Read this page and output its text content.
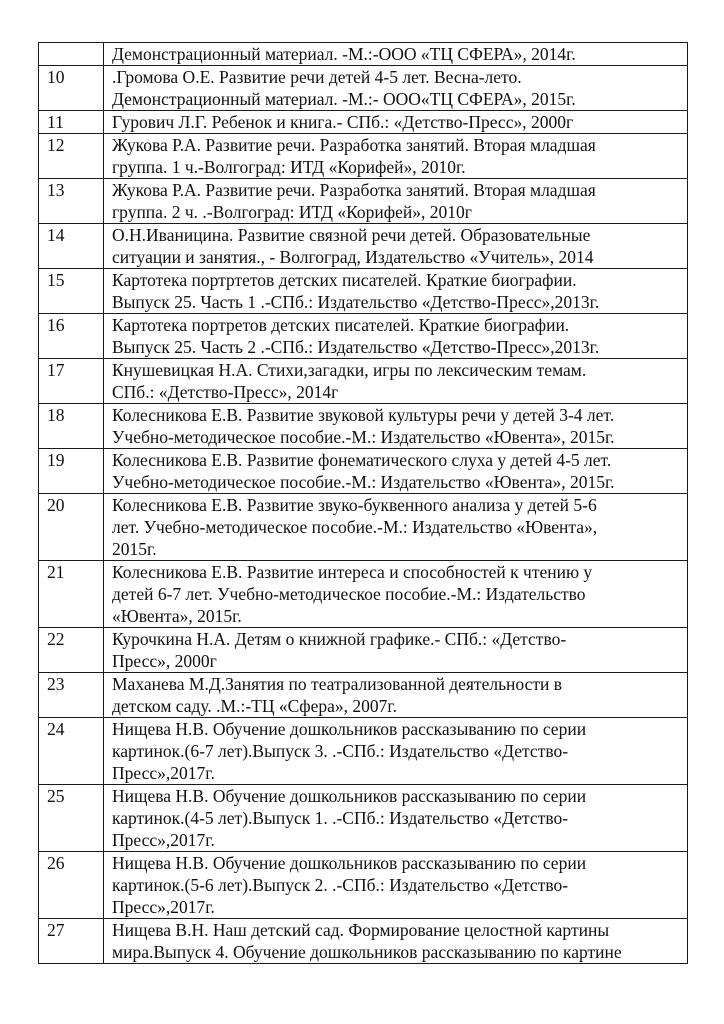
	Демонстрационный материал. -М.:-ООО «ТЦ СФЕРА», 2014г.

10	.Громова О.Е. Развитие речи детей 4-5 лет. Весна-лето.
Демонстрационный материал. -М.:- ООО«ТЦ СФЕРА», 2015г.

11	Гурович Л.Г. Ребенок и книга.- СПб.: «Детство-Пресс», 2000г

12	Жукова Р.А. Развитие речи. Разработка занятий. Вторая младшая
группа. 1 ч.-Волгоград: ИТД «Корифей», 2010г.

13	Жукова Р.А. Развитие речи. Разработка занятий. Вторая младшая
группа. 2 ч. .-Волгоград: ИТД «Корифей», 2010г

14	О.Н.Иваницина. Развитие связной речи детей. Образовательные
ситуации и занятия., - Волгоград, Издательство «Учитель», 2014

15	Картотека портртетов детских писателей. Краткие биографии.
Выпуск 25. Часть 1 .-СПб.: Издательство «Детство-Пресс»,2013г.

16	Картотека портретов детских писателей. Краткие биографии.
Выпуск 25. Часть 2 .-СПб.: Издательство «Детство-Пресс»,2013г.

17	Кнушевицкая Н.А. Стихи,загадки, игры по лексическим темам.
СПб.: «Детство-Пресс», 2014г

18	Колесникова Е.В. Развитие звуковой культуры речи у детей 3-4 лет.
Учебно-методическое пособие.-М.: Издательство «Ювента», 2015г.

19	Колесникова Е.В. Развитие фонематического слуха у детей 4-5 лет.
Учебно-методическое пособие.-М.: Издательство «Ювента», 2015г.

20	Колесникова Е.В. Развитие звуко-буквенного анализа у детей 5-6
лет. Учебно-методическое пособие.-М.: Издательство «Ювента»,
2015г.

21	Колесникова Е.В. Развитие интереса и способностей к чтению у
детей 6-7 лет. Учебно-методическое пособие.-М.: Издательство
«Ювента», 2015г.

22	Курочкина Н.А. Детям о книжной графике.- СПб.: «Детство-
Пресс», 2000г

23	Маханева М.Д.Занятия по театрализованной деятельности в
детском саду. .М.:-ТЦ «Сфера», 2007г.

24	Нищева Н.В. Обучение дошкольников рассказыванию по серии
картинок.(6-7 лет).Выпуск 3. .-СПб.: Издательство «Детство-
Пресс»,2017г.

25	Нищева Н.В. Обучение дошкольников рассказыванию по серии
картинок.(4-5 лет).Выпуск 1. .-СПб.: Издательство «Детство-
Пресс»,2017г.

26	Нищева Н.В. Обучение дошкольников рассказыванию по серии
картинок.(5-6 лет).Выпуск 2. .-СПб.: Издательство «Детство-
Пресс»,2017г.

27	Нищева В.Н. Наш детский сад. Формирование целостной картины
мира.Выпуск 4. Обучение дошкольников рассказыванию по картине
